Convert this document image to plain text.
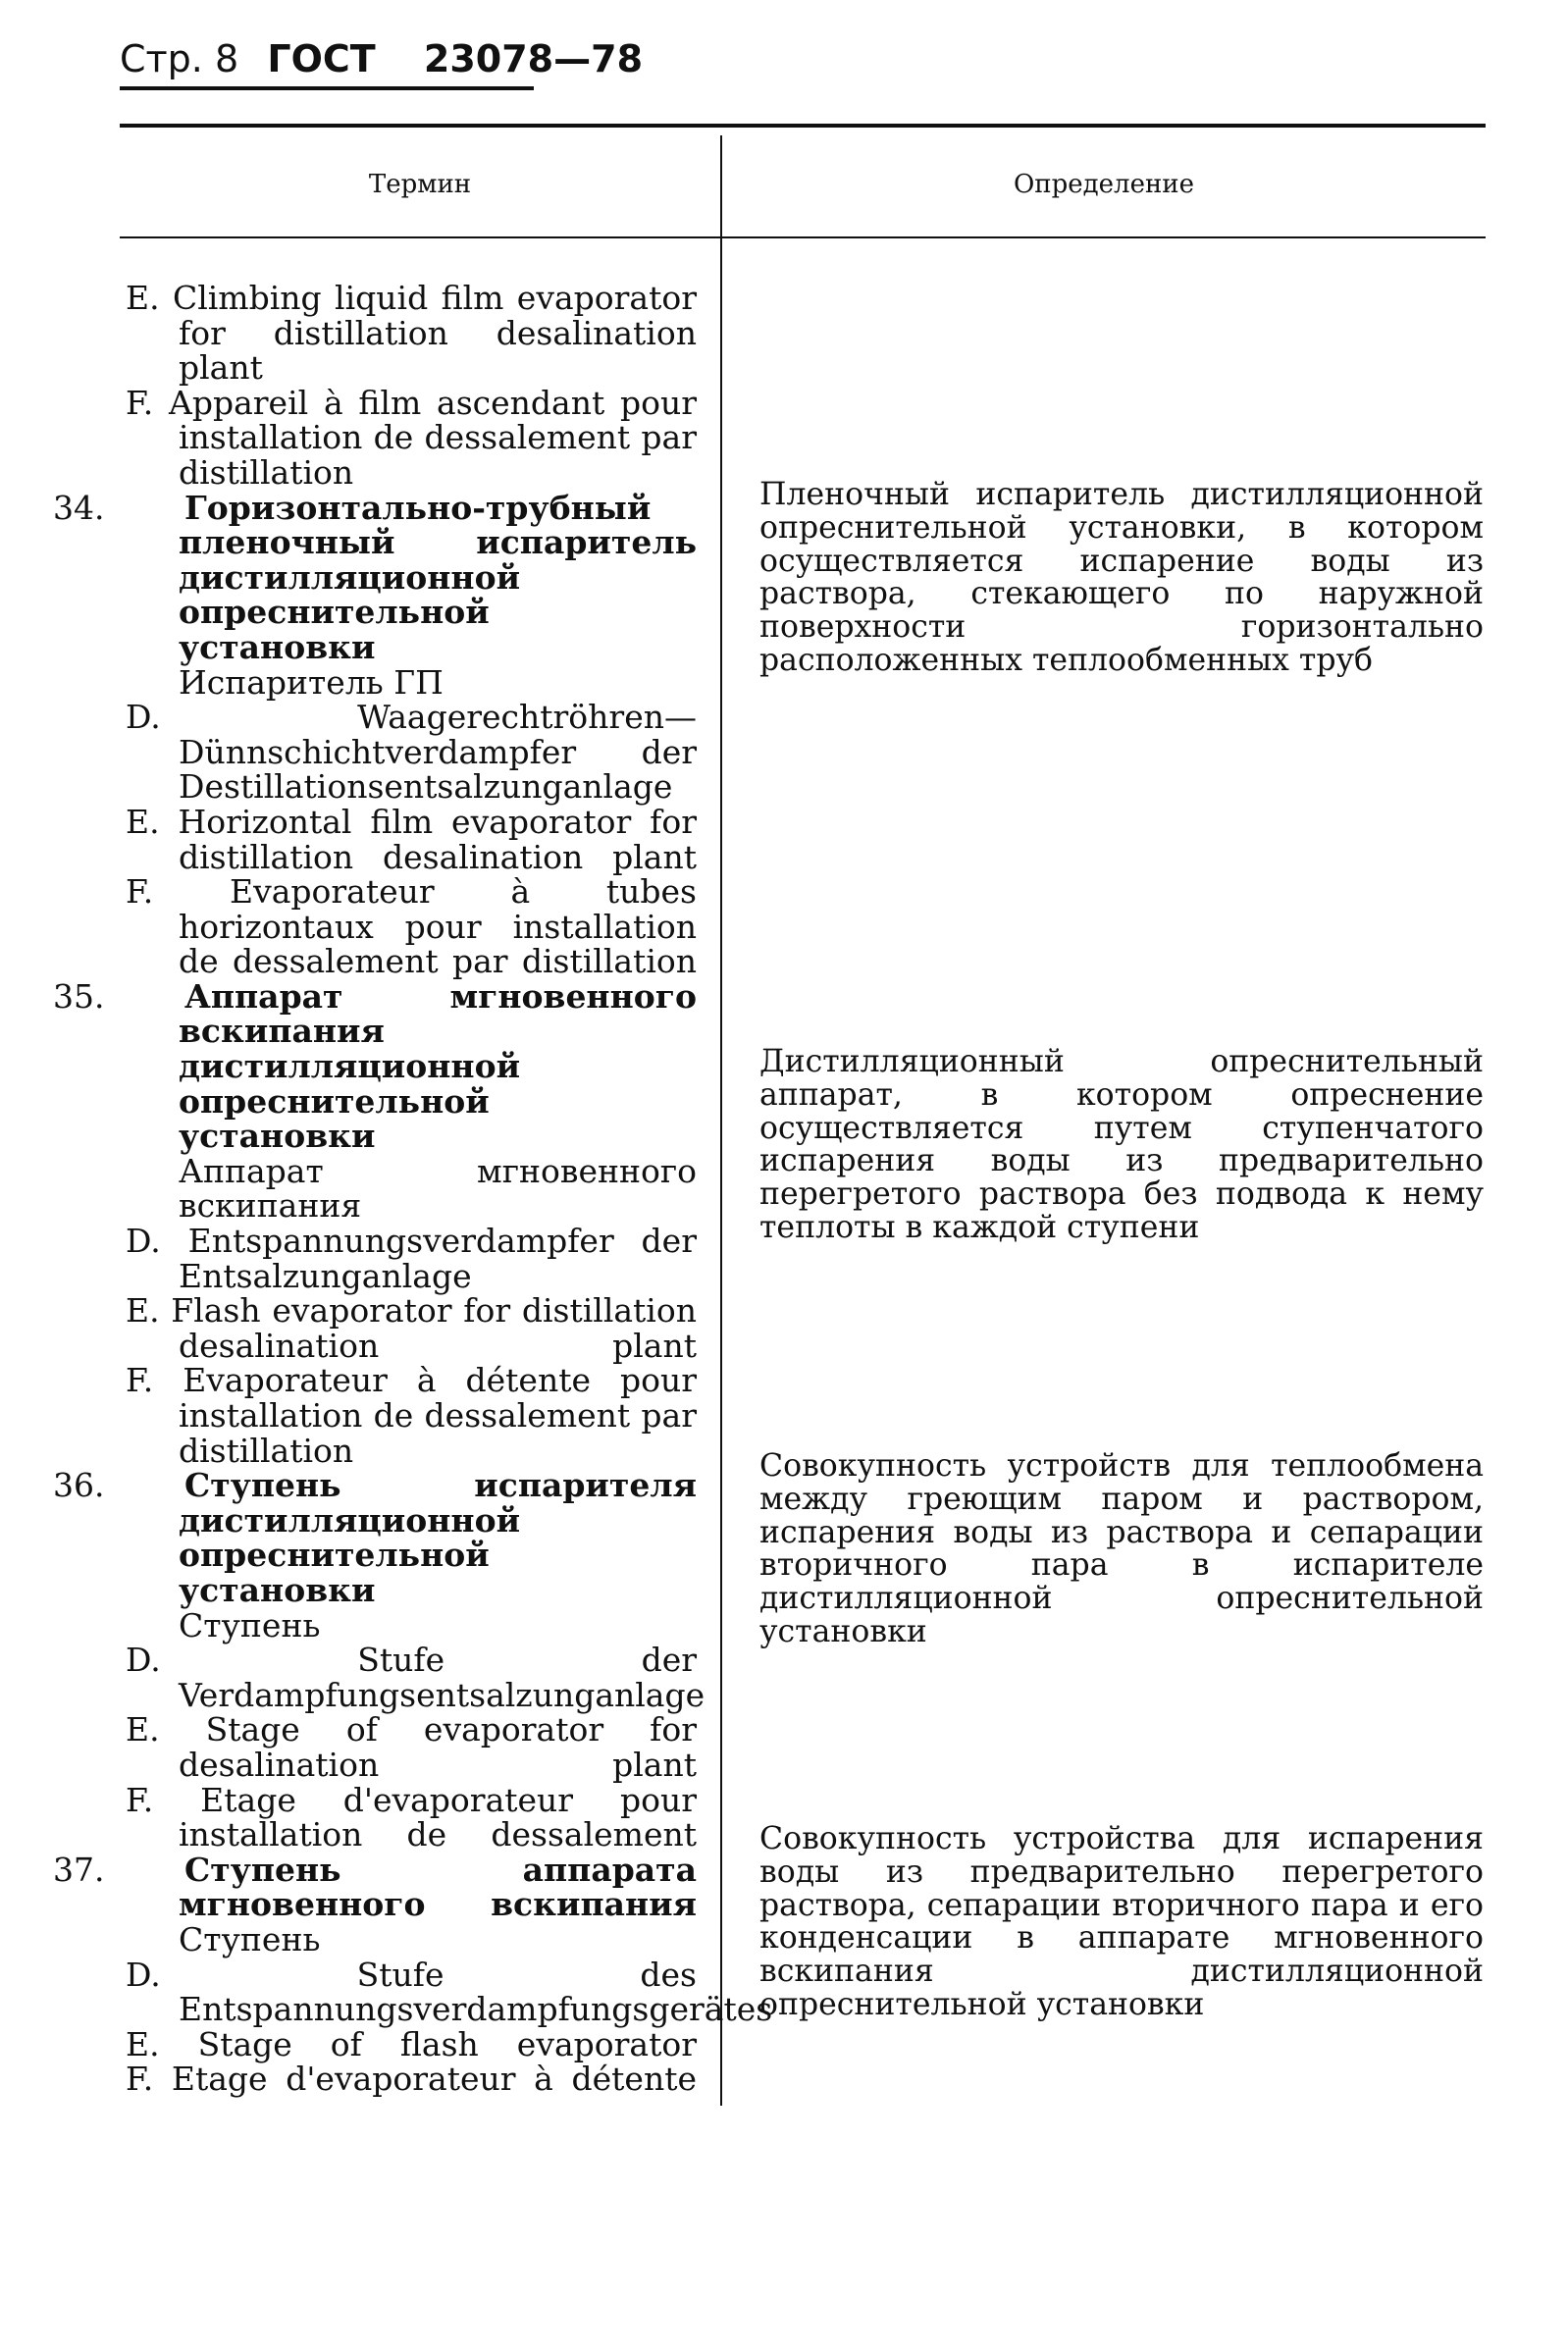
Стр. 8 ГОСТ 23078—78
Термин	Определение
E. Climbing liquid film evaporator for distillation desalination plant
F. Appareil à film ascendant pour installation de dessalement par distillation
34. Горизонтально-трубный пленочный испаритель дистилляционной опреснительной установки
Испаритель ГП
D. Waagerechtröhren—Dünnschichtverdampfer der Destillationsentsalzunganlage
E. Horizontal film evaporator for distillation desalination plant
F. Evaporateur à tubes horizontaux pour installation de dessalement par distillation
35. Аппарат мгновенного вскипания дистилляционной опреснительной установки
Аппарат мгновенного вскипания
D. Entspannungsverdampfer der Entsalzunganlage
E. Flash evaporator for distillation desalination plant
F. Evaporateur à détente pour installation de dessalement par distillation
36. Ступень испарителя дистилляционной опреснительной установки
Ступень
D. Stufe der Verdampfungsentsalzunganlage
E. Stage of evaporator for desalination plant
F. Etage d'evaporateur pour installation de dessalement
37. Ступень аппарата мгновенного вскипания
Ступень
D. Stufe des Entspannungsverdampfungsgerätes
E. Stage of flash evaporator
F. Etage d'evaporateur à détente
Пленочный испаритель дистилляционной опреснительной установки, в котором осуществляется испарение воды из раствора, стекающего по наружной поверхности горизонтально расположенных теплообменных труб
Дистилляционный опреснительный аппарат, в котором опреснение осуществляется путем ступенчатого испарения воды из предварительно перегретого раствора без подвода к нему теплоты в каждой ступени
Совокупность устройств для теплообмена между греющим паром и раствором, испарения воды из раствора и сепарации вторичного пара в испарителе дистилляционной опреснительной установки
Совокупность устройства для испарения воды из предварительно перегретого раствора, сепарации вторичного пара и его конденсации в аппарате мгновенного вскипания дистилляционной опреснительной установки
